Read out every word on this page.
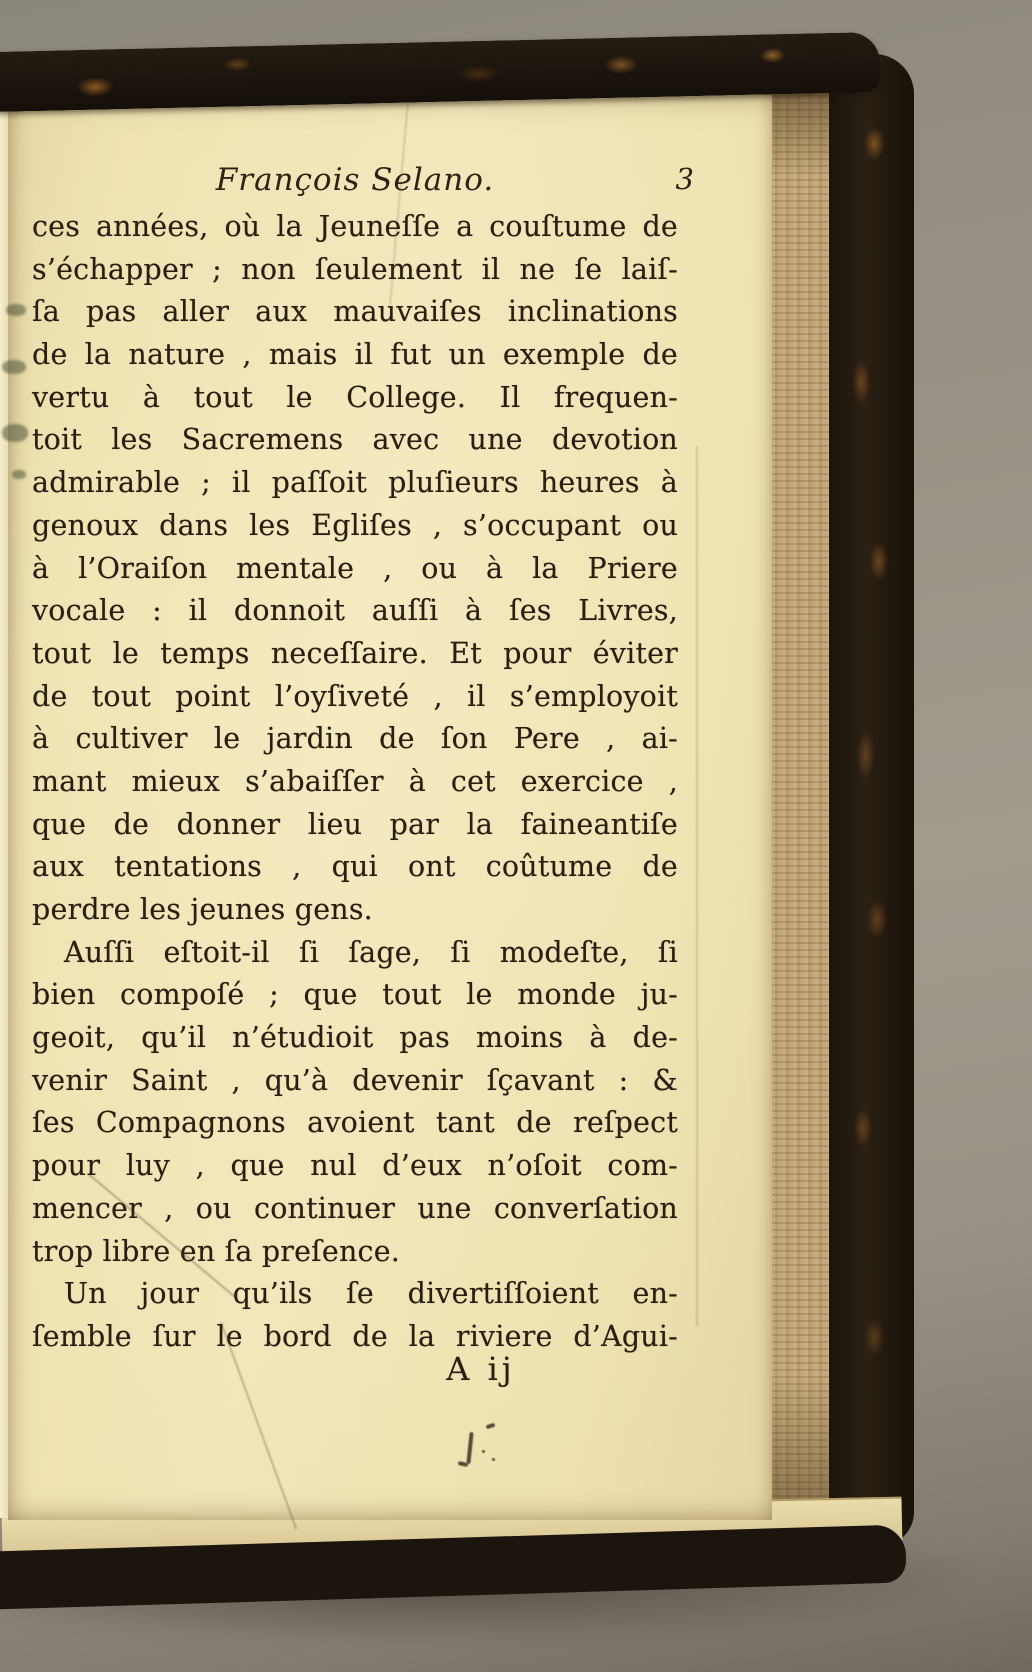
François Selano.	3
ces années, où la Jeuneſſe a couſtume de
s’échapper ; non ſeulement il ne ſe laiſ-
ſa pas aller aux mauvaiſes inclinations
de la nature , mais il fut un exemple de
vertu à tout le College. Il frequen-
toit les Sacremens avec une devotion
admirable ; il paſſoit pluſieurs heures à
genoux dans les Egliſes , s’occupant ou
à l’Oraiſon mentale , ou à la Priere
vocale : il donnoit auſſi à ſes Livres,
tout le temps neceſſaire. Et pour éviter
de tout point l’oyſiveté , il s’employoit
à cultiver le jardin de ſon Pere , ai-
mant mieux s’abaiſſer à cet exercice ,
que de donner lieu par la faineantiſe
aux tentations , qui ont coûtume de
perdre les jeunes gens.
Auſſi eſtoit-il ſi ſage, ſi modeſte, ſi
bien compoſé ; que tout le monde ju-
geoit, qu’il n’étudioit pas moins à de-
venir Saint , qu’à devenir ſçavant : &
ſes Compagnons avoient tant de reſpect
pour luy , que nul d’eux n’oſoit com-
mencer , ou continuer une converſation
trop libre en ſa preſence.
Un jour qu’ils ſe divertiſſoient en-
ſemble ſur le bord de la riviere d’Agui-
A ij
